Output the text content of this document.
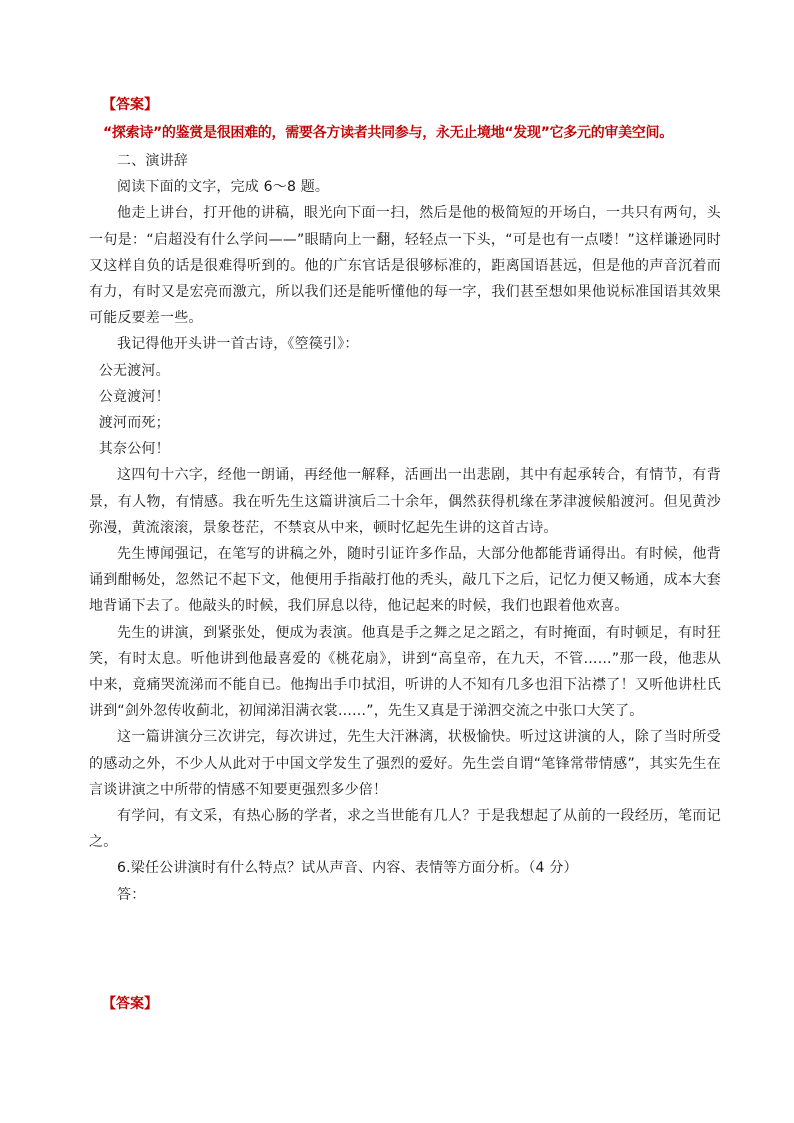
【答案】
“探索诗”的鉴赏是很困难的，需要各方读者共同参与，永无止境地“发现”它多元的审美空间。

二、演讲辞

阅读下面的文字，完成 6～8 题。

他走上讲台，打开他的讲稿，眼光向下面一扫，然后是他的极简短的开场白，一共只有两句，头一句是：“启超没有什么学问——”眼睛向上一翻，轻轻点一下头，“可是也有一点喽！”这样谦逊同时又这样自负的话是很难得听到的。他的广东官话是很够标准的，距离国语甚远，但是他的声音沉着而有力，有时又是宏亮而激亢，所以我们还是能听懂他的每一字，我们甚至想如果他说标准国语其效果可能反要差一些。

我记得他开头讲一首古诗，《箜篌引》：

公无渡河。

公竟渡河！

渡河而死；

其奈公何！

这四句十六字，经他一朗诵，再经他一解释，活画出一出悲剧，其中有起承转合，有情节，有背景，有人物，有情感。我在听先生这篇讲演后二十余年，偶然获得机缘在茅津渡候船渡河。但见黄沙弥漫，黄流滚滚，景象苍茫，不禁哀从中来，顿时忆起先生讲的这首古诗。

先生博闻强记，在笔写的讲稿之外，随时引证许多作品，大部分他都能背诵得出。有时候，他背诵到酣畅处，忽然记不起下文，他便用手指敲打他的秃头，敲几下之后，记忆力便又畅通，成本大套地背诵下去了。他敲头的时候，我们屏息以待，他记起来的时候，我们也跟着他欢喜。

先生的讲演，到紧张处，便成为表演。他真是手之舞之足之蹈之，有时掩面，有时顿足，有时狂笑，有时太息。听他讲到他最喜爱的《桃花扇》，讲到“高皇帝，在九天，不管……”那一段，他悲从中来，竟痛哭流涕而不能自已。他掏出手巾拭泪，听讲的人不知有几多也泪下沾襟了！又听他讲杜氏讲到“剑外忽传收蓟北，初闻涕泪满衣裳……”，先生又真是于涕泗交流之中张口大笑了。

这一篇讲演分三次讲完，每次讲过，先生大汗淋漓，状极愉快。听过这讲演的人，除了当时所受的感动之外，不少人从此对于中国文学发生了强烈的爱好。先生尝自谓“笔锋常带情感”，其实先生在言谈讲演之中所带的情感不知要更强烈多少倍！

有学问，有文采，有热心肠的学者，求之当世能有几人？于是我想起了从前的一段经历，笔而记之。

6.梁任公讲演时有什么特点？试从声音、内容、表情等方面分析。（4 分）

答：

【答案】
